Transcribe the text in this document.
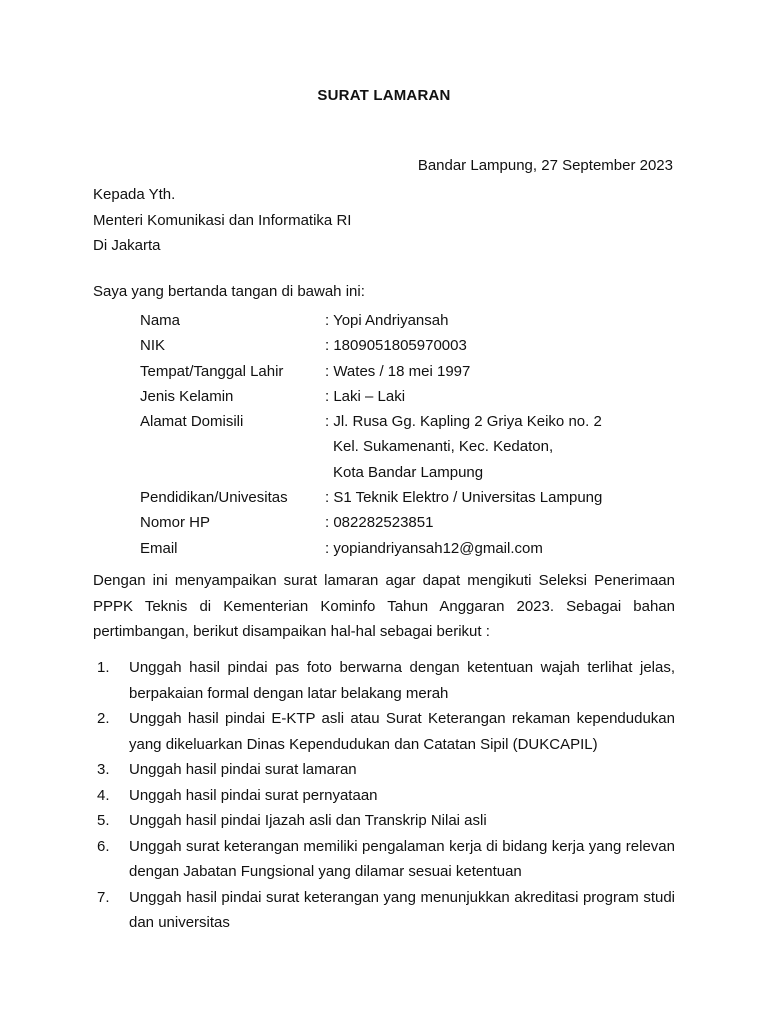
SURAT LAMARAN
Bandar Lampung, 27 September 2023
Kepada Yth.
Menteri Komunikasi dan Informatika RI
Di Jakarta
Saya yang bertanda tangan di bawah ini:
Nama	: Yopi Andriyansah
NIK	: 1809051805970003
Tempat/Tanggal Lahir	: Wates / 18 mei 1997
Jenis Kelamin	: Laki – Laki
Alamat Domisili	: Jl. Rusa Gg. Kapling 2 Griya Keiko no. 2
Kel. Sukamenanti, Kec. Kedaton,
Kota Bandar Lampung
Pendidikan/Univesitas	: S1 Teknik Elektro / Universitas Lampung
Nomor HP	: 082282523851
Email	: yopiandriyansah12@gmail.com
Dengan ini menyampaikan surat lamaran agar dapat mengikuti Seleksi Penerimaan PPPK Teknis di Kementerian Kominfo Tahun Anggaran 2023. Sebagai bahan pertimbangan, berikut disampaikan hal-hal sebagai berikut :
1.	Unggah hasil pindai pas foto berwarna dengan ketentuan wajah terlihat jelas, berpakaian formal dengan latar belakang merah
2.	Unggah hasil pindai E-KTP asli atau Surat Keterangan rekaman kependudukan yang dikeluarkan Dinas Kependudukan dan Catatan Sipil (DUKCAPIL)
3.	Unggah hasil pindai surat lamaran
4.	Unggah hasil pindai surat pernyataan
5.	Unggah hasil pindai Ijazah asli dan Transkrip Nilai asli
6.	Unggah surat keterangan memiliki pengalaman kerja di bidang kerja yang relevan dengan Jabatan Fungsional yang dilamar sesuai ketentuan
7.	Unggah hasil pindai surat keterangan yang menunjukkan akreditasi program studi dan universitas
